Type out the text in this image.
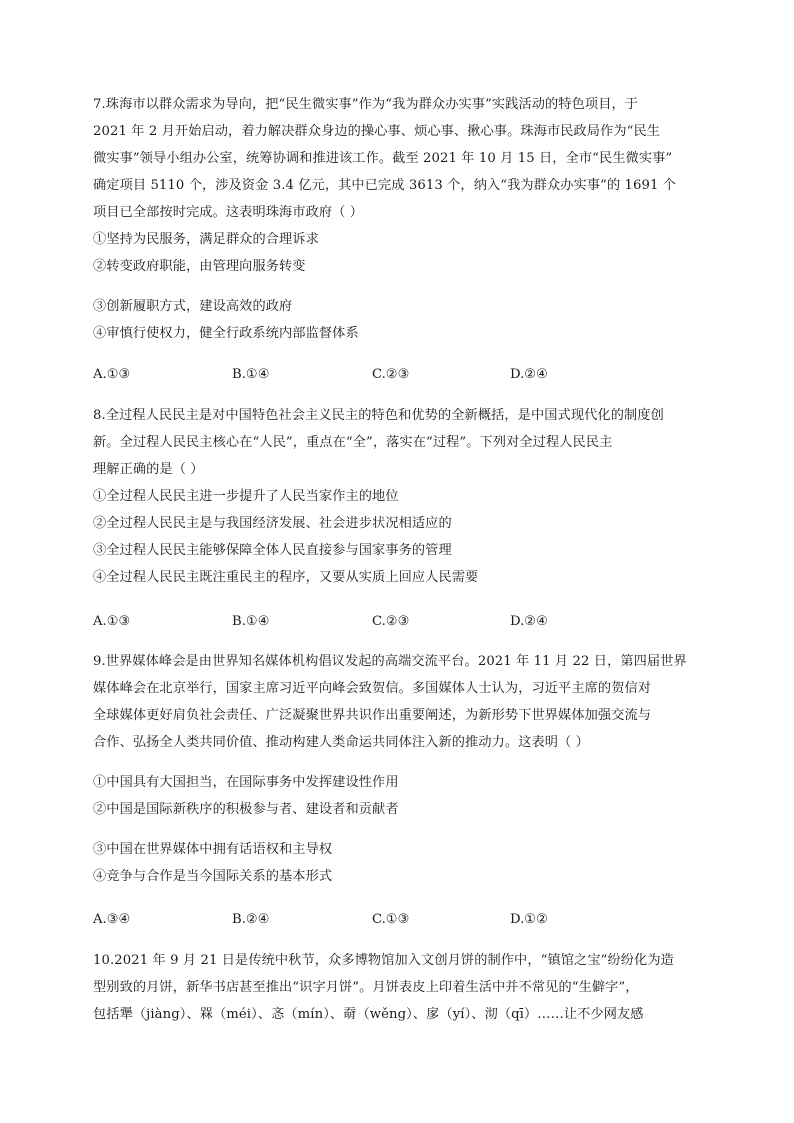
7.珠海市以群众需求为导向，把“民生微实事”作为“我为群众办实事”实践活动的特色项目，于
2021 年 2 月开始启动，着力解决群众身边的操心事、烦心事、揪心事。珠海市民政局作为“民生
微实事”领导小组办公室，统筹协调和推进该工作。截至 2021 年 10 月 15 日，全市“民生微实事”
确定项目 5110 个，涉及资金 3.4 亿元，其中已完成 3613 个，纳入“我为群众办实事”的 1691 个
项目已全部按时完成。这表明珠海市政府（ ）
①坚持为民服务，满足群众的合理诉求
②转变政府职能，由管理向服务转变
③创新履职方式，建设高效的政府
④审慎行使权力，健全行政系统内部监督体系
A.①③	B.①④	C.②③	D.②④
8.全过程人民民主是对中国特色社会主义民主的特色和优势的全新概括，是中国式现代化的制度创
新。全过程人民民主核心在“人民”，重点在“全”，落实在“过程”。下列对全过程人民民主
理解正确的是（ ）
①全过程人民民主进一步提升了人民当家作主的地位
②全过程人民民主是与我国经济发展、社会进步状况相适应的
③全过程人民民主能够保障全体人民直接参与国家事务的管理
④全过程人民民主既注重民主的程序，又要从实质上回应人民需要
A.①③	B.①④	C.②③	D.②④
9.世界媒体峰会是由世界知名媒体机构倡议发起的高端交流平台。2021 年 11 月 22 日，第四届世界
媒体峰会在北京举行，国家主席习近平向峰会致贺信。多国媒体人士认为，习近平主席的贺信对
全球媒体更好肩负社会责任、广泛凝聚世界共识作出重要阐述，为新形势下世界媒体加强交流与
合作、弘扬全人类共同价值、推动构建人类命运共同体注入新的推动力。这表明（ ）
①中国具有大国担当，在国际事务中发挥建设性作用
②中国是国际新秩序的积极参与者、建设者和贡献者
③中国在世界媒体中拥有话语权和主导权
④竞争与合作是当今国际关系的基本形式
A.③④	B.②④	C.①③	D.①②
10.2021 年 9 月 21 日是传统中秋节，众多博物馆加入文创月饼的制作中，“镇馆之宝”纷纷化为造
型别致的月饼，新华书店甚至推出“识字月饼”。月饼表皮上印着生活中并不常见的“生僻字”，
包括犟（jiàng）、槑（méi）、忞（mín）、奣（wěng）、扅（yí）、沏（qī）……让不少网友感
